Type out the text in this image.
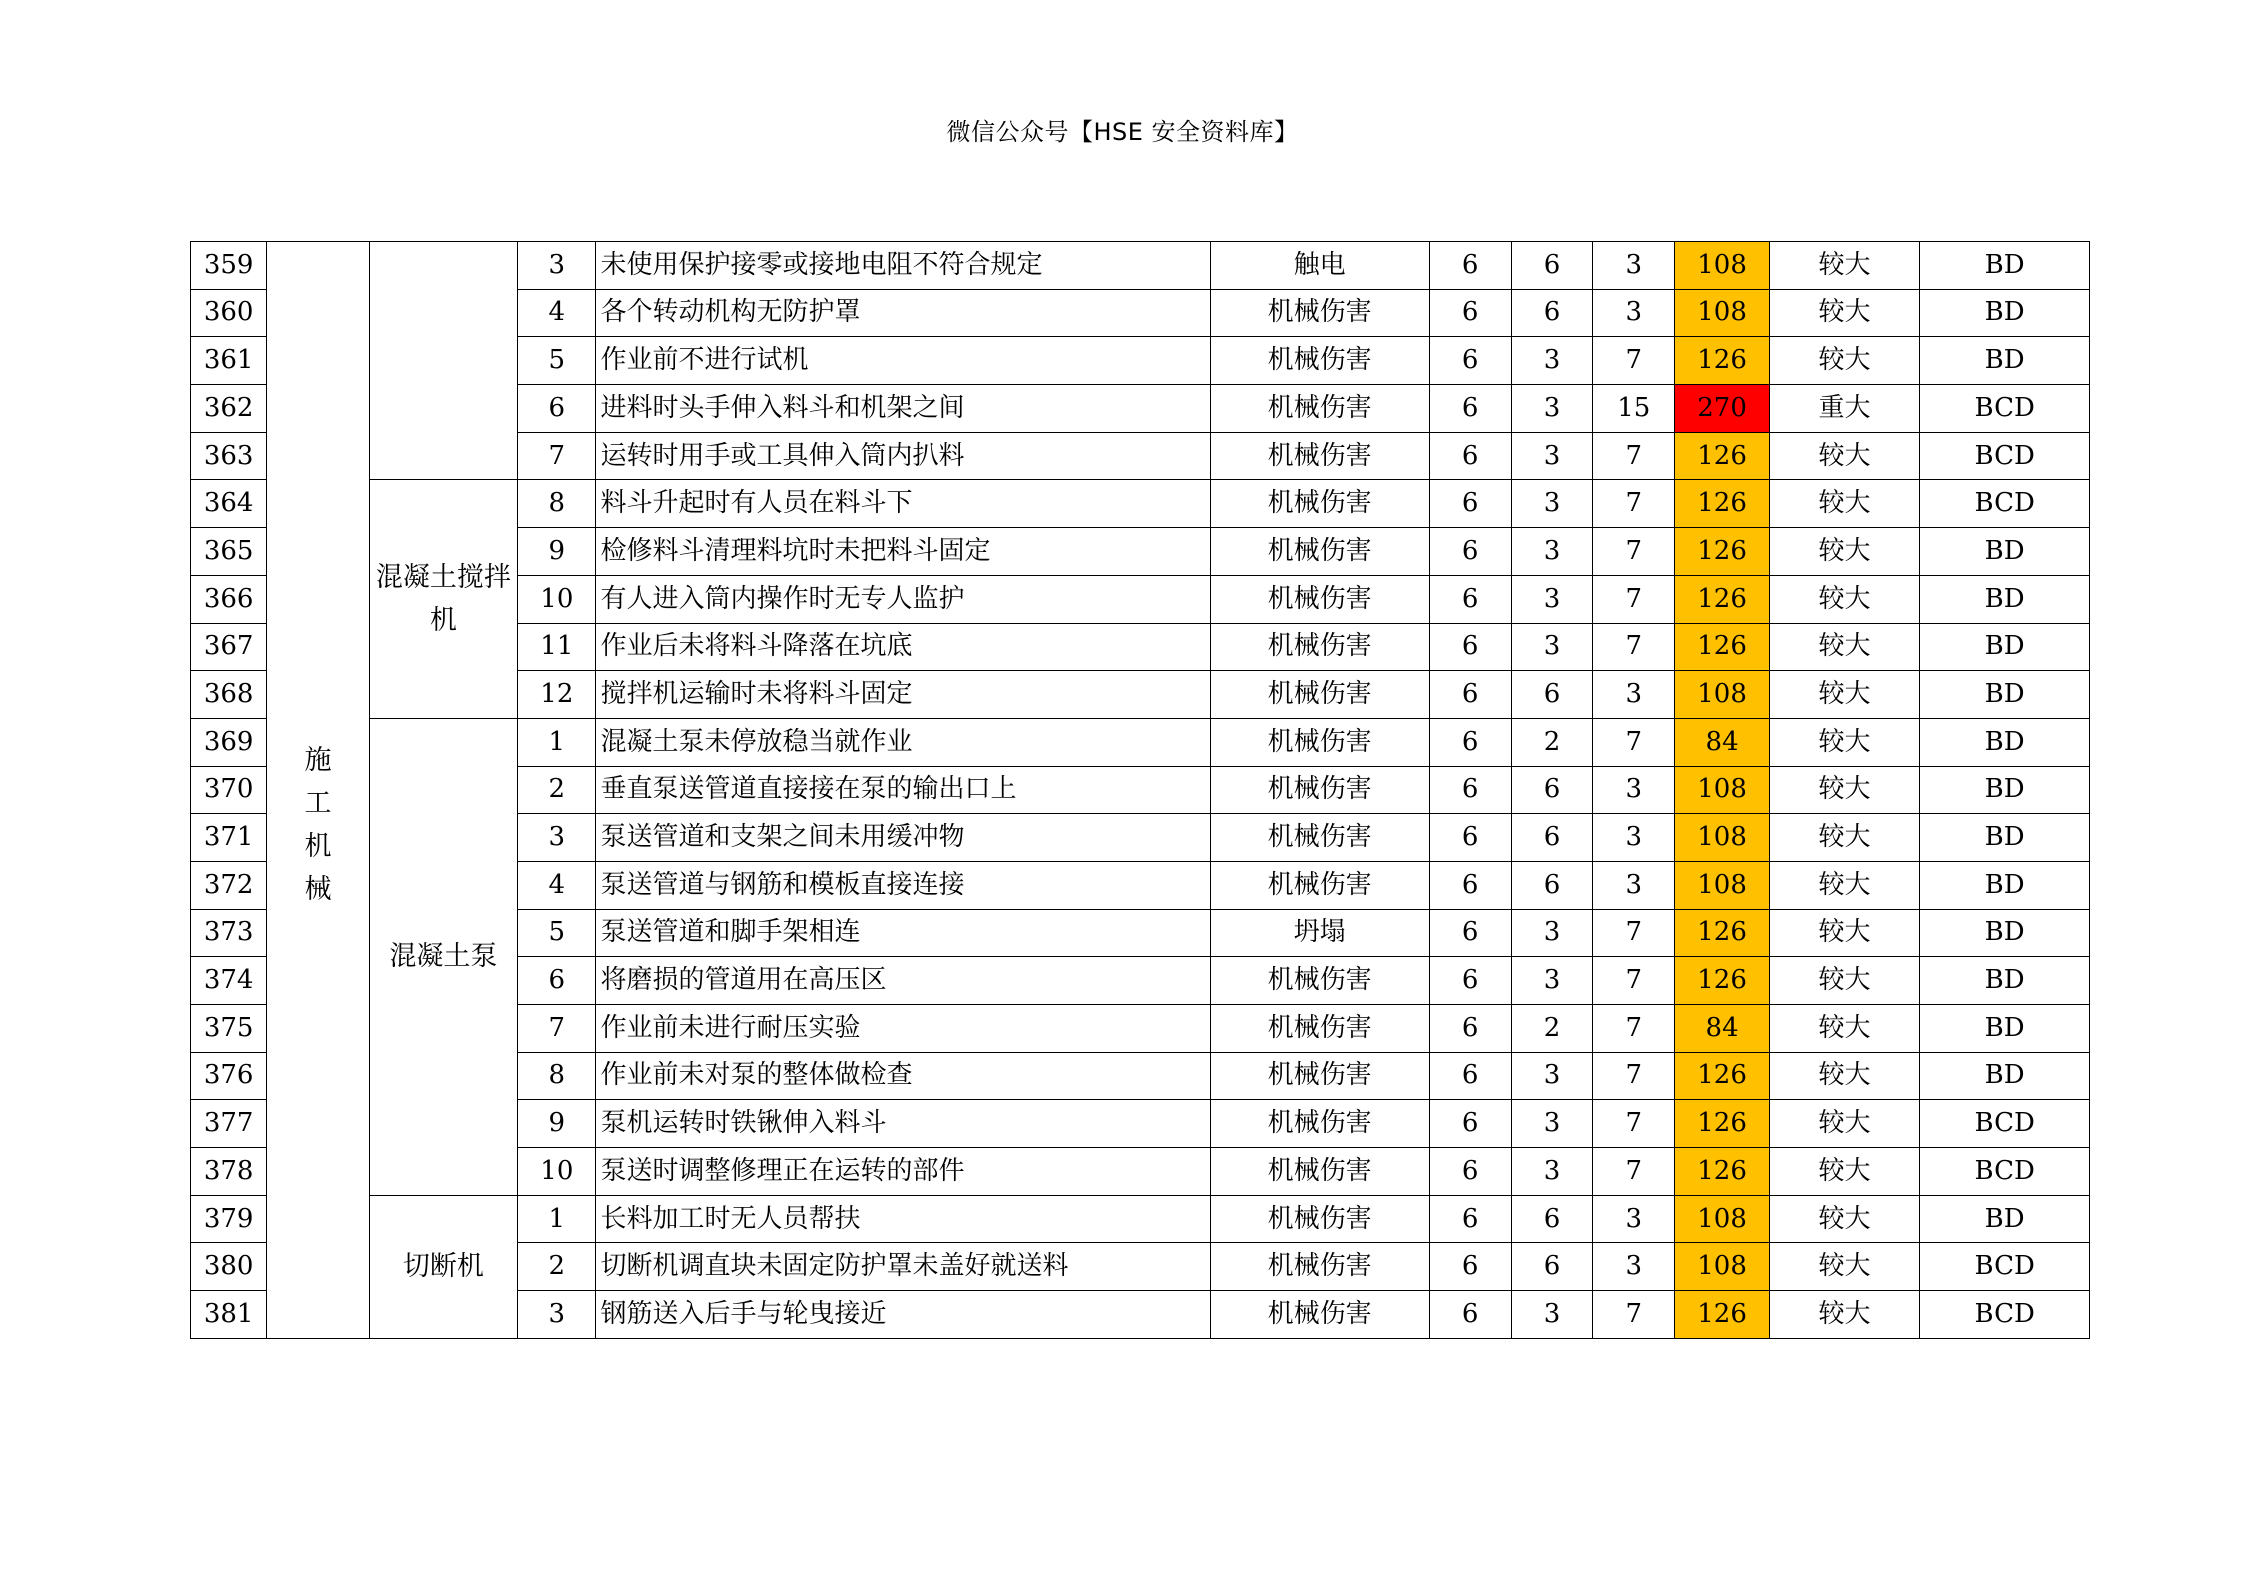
微信公众号【HSE 安全资料库】
359	施工机械		3	未使用保护接零或接地电阻不符合规定	触电	6	6	3	108	较大	BD
360			4	各个转动机构无防护罩	机械伤害	6	6	3	108	较大	BD
361			5	作业前不进行试机	机械伤害	6	3	7	126	较大	BD
362			6	进料时头手伸入料斗和机架之间	机械伤害	6	3	15	270	重大	BCD
363			7	运转时用手或工具伸入筒内扒料	机械伤害	6	3	7	126	较大	BCD
364		混凝土搅拌机	8	料斗升起时有人员在料斗下	机械伤害	6	3	7	126	较大	BCD
365			9	检修料斗清理料坑时未把料斗固定	机械伤害	6	3	7	126	较大	BD
366			10	有人进入筒内操作时无专人监护	机械伤害	6	3	7	126	较大	BD
367			11	作业后未将料斗降落在坑底	机械伤害	6	3	7	126	较大	BD
368			12	搅拌机运输时未将料斗固定	机械伤害	6	6	3	108	较大	BD
369		混凝土泵	1	混凝土泵未停放稳当就作业	机械伤害	6	2	7	84	较大	BD
370			2	垂直泵送管道直接接在泵的输出口上	机械伤害	6	6	3	108	较大	BD
371			3	泵送管道和支架之间未用缓冲物	机械伤害	6	6	3	108	较大	BD
372			4	泵送管道与钢筋和模板直接连接	机械伤害	6	6	3	108	较大	BD
373			5	泵送管道和脚手架相连	坍塌	6	3	7	126	较大	BD
374			6	将磨损的管道用在高压区	机械伤害	6	3	7	126	较大	BD
375			7	作业前未进行耐压实验	机械伤害	6	2	7	84	较大	BD
376			8	作业前未对泵的整体做检查	机械伤害	6	3	7	126	较大	BD
377			9	泵机运转时铁锹伸入料斗	机械伤害	6	3	7	126	较大	BCD
378			10	泵送时调整修理正在运转的部件	机械伤害	6	3	7	126	较大	BCD
379		切断机	1	长料加工时无人员帮扶	机械伤害	6	6	3	108	较大	BD
380			2	切断机调直块未固定防护罩未盖好就送料	机械伤害	6	6	3	108	较大	BCD
381			3	钢筋送入后手与轮曳接近	机械伤害	6	3	7	126	较大	BCD
